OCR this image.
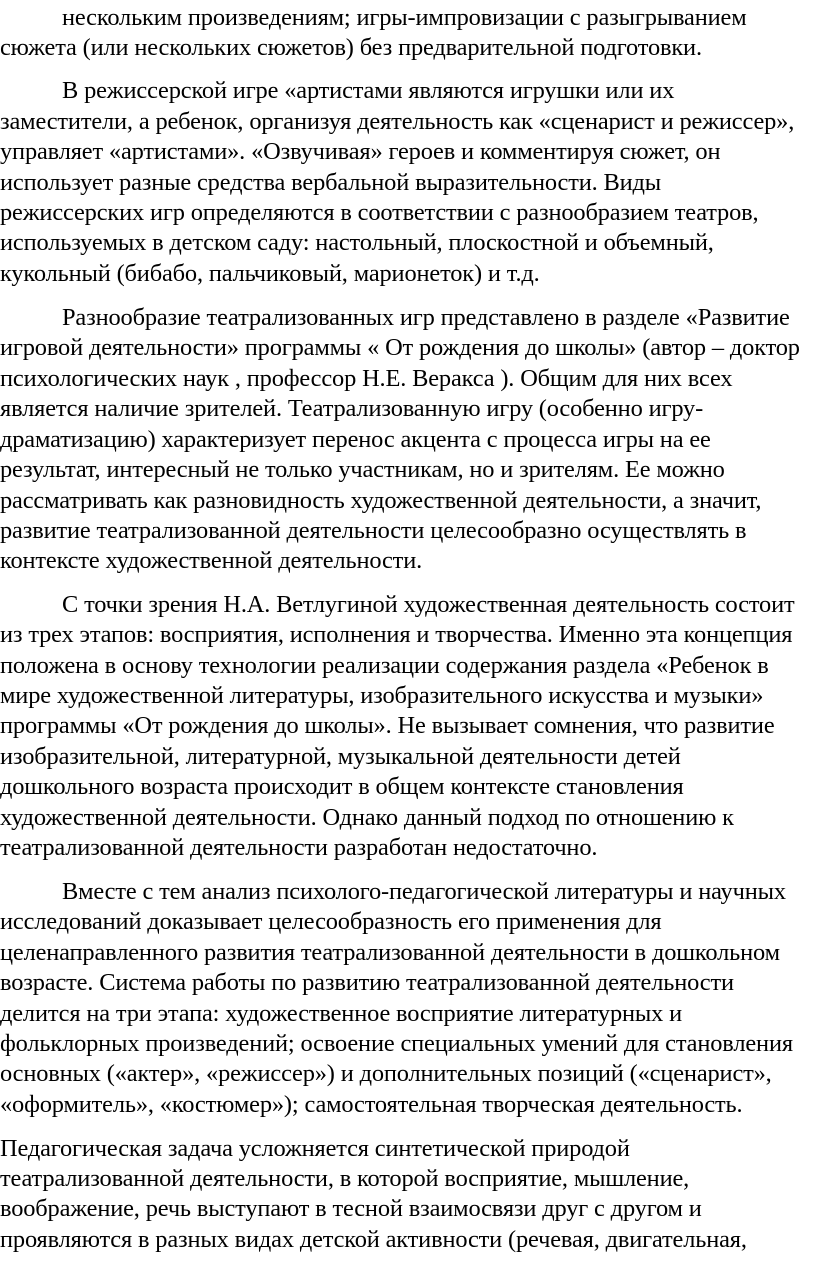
нескольким произведениям; игры-импровизации с разыгрыванием
сюжета (или нескольких сюжетов) без предварительной подготовки.
В режиссерской игре «артистами являются игрушки или их
заместители, а ребенок, организуя деятельность как «сценарист и режиссер»,
управляет «артистами». «Озвучивая» героев и комментируя сюжет, он
использует разные средства вербальной выразительности. Виды
режиссерских игр определяются в соответствии с разнообразием театров,
используемых в детском саду: настольный, плоскостной и объемный,
кукольный (бибабо, пальчиковый, марионеток) и т.д.
Разнообразие театрализованных игр представлено в разделе «Развитие
игровой деятельности» программы « От рождения до школы» (автор – доктор
психологических наук , профессор Н.Е. Веракса ). Общим для них всех
является наличие зрителей. Театрализованную игру (особенно игру-
драматизацию) характеризует перенос акцента с процесса игры на ее
результат, интересный не только участникам, но и зрителям. Ее можно
рассматривать как разновидность художественной деятельности, а значит,
развитие театрализованной деятельности целесообразно осуществлять в
контексте художественной деятельности.
С точки зрения Н.А. Ветлугиной художественная деятельность состоит
из трех этапов: восприятия, исполнения и творчества. Именно эта концепция
положена в основу технологии реализации содержания раздела «Ребенок в
мире художественной литературы, изобразительного искусства и музыки»
программы «От рождения до школы». Не вызывает сомнения, что развитие
изобразительной, литературной, музыкальной деятельности детей
дошкольного возраста происходит в общем контексте становления
художественной деятельности. Однако данный подход по отношению к
театрализованной деятельности разработан недостаточно.
Вместе с тем анализ психолого-педагогической литературы и научных
исследований доказывает целесообразность его применения для
целенаправленного развития театрализованной деятельности в дошкольном
возрасте. Система работы по развитию театрализованной деятельности
делится на три этапа: художественное восприятие литературных и
фольклорных произведений; освоение специальных умений для становления
основных («актер», «режиссер») и дополнительных позиций («сценарист»,
«оформитель», «костюмер»); самостоятельная творческая деятельность.
Педагогическая задача усложняется синтетической природой
театрализованной деятельности, в которой восприятие, мышление,
воображение, речь выступают в тесной взаимосвязи друг с другом и
проявляются в разных видах детской активности (речевая, двигательная,
